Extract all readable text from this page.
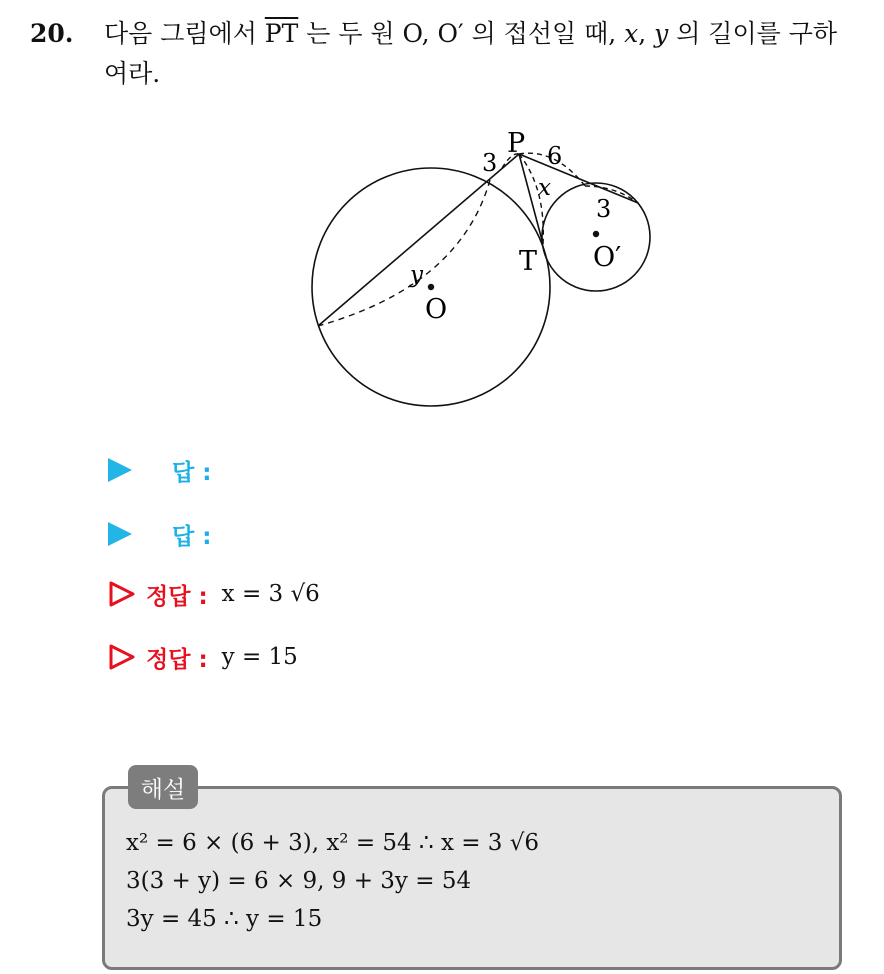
20. 다음 그림에서 $\overline{PT}$ 는 두 원 O, O′ 의 접선일 때, x, y 의 길이를 구하
여라.
P
3 6
x
3
T O′
y
O
답 :
답 :
정답 : x = 3 √6
정답 : y = 15
해설
x² = 6 × (6 + 3), x² = 54 ∴ x = 3 √6
3(3 + y) = 6 × 9, 9 + 3y = 54
3y = 45 ∴ y = 15
